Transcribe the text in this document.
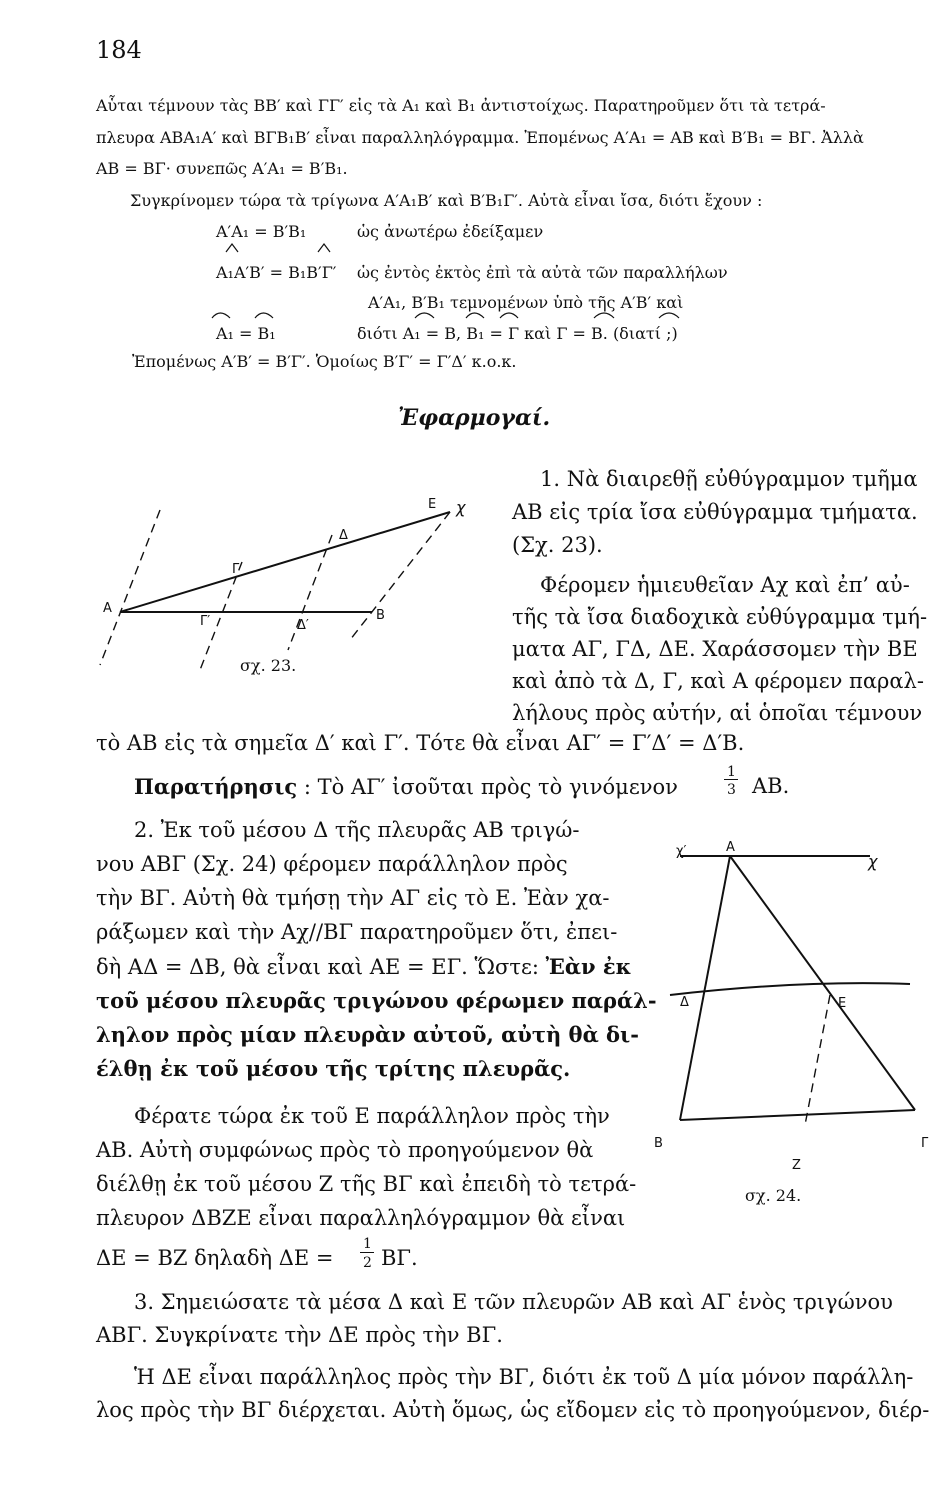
184
Αὗται τέμνουν τὰς ΒΒ′ καὶ ΓΓ′ εἰς τὰ Α₁ καὶ Β₁ ἀντιστοίχως. Παρατηροῦμεν ὅτι τὰ τετρά-
πλευρα ΑΒΑ₁Α′ καὶ ΒΓΒ₁Β′ εἶναι παραλληλόγραμμα. Ἐπομένως Α′Α₁ = ΑΒ καὶ Β′Β₁ = ΒΓ. Ἀλλὰ
ΑΒ = ΒΓ· συνεπῶς Α′Α₁ = Β′Β₁.
Συγκρίνομεν τώρα τὰ τρίγωνα Α′Α₁Β′ καὶ Β′Β₁Γ′. Αὐτὰ εἶναι ἴσα, διότι ἔχουν :
Α′Α₁ = Β′Β₁	ὡς ἀνωτέρω ἐδείξαμεν
Α₁Α′Β′ = Β₁Β′Γ′ ὡς ἐντὸς ἐκτὸς ἐπὶ τὰ αὐτὰ τῶν παραλλήλων
Α′Α₁, Β′Β₁ τεμνομένων ὑπὸ τῆς Α′Β′ καὶ
Α₁ = Β₁	διότι Α₁ = Β, Β₁ = Γ καὶ Γ = Β. (διατί ;)
Ἐπομένως Α′Β′ = Β′Γ′. Ὁμοίως Β′Γ′ = Γ′Δ′ κ.ο.κ.
Ἐφαρμογαί.
1. Νὰ διαιρεθῇ εὐθύγραμμον τμῆμα
ΑΒ εἰς τρία ἴσα εὐθύγραμμα τμήματα.
(Σχ. 23).
Φέρομεν ἡμιευθεῖαν Αχ καὶ ἐπ’ αὐ-
τῆς τὰ ἴσα διαδοχικὰ εὐθύγραμμα τμή-
ματα ΑΓ, ΓΔ, ΔΕ. Χαράσσομεν τὴν ΒΕ
καὶ ἀπὸ τὰ Δ, Γ, καὶ Α φέρομεν παραλ-
λήλους πρὸς αὐτήν, αἱ ὁποῖαι τέμνουν
τὸ ΑΒ εἰς τὰ σημεῖα Δ′ καὶ Γ′. Τότε θὰ εἶναι ΑΓ′ = Γ′Δ′ = Δ′Β.
Α	Β
Γ
Δ
Ε χ
Γ′	Δ′
σχ. 23.
Παρατήρησις : Τὸ ΑΓ′ ἰσοῦται πρὸς τὸ γινόμενον
1
3 ΑΒ.
2. Ἐκ τοῦ μέσου Δ τῆς πλευρᾶς ΑΒ τριγώ-
νου ΑΒΓ (Σχ. 24) φέρομεν παράλληλον πρὸς
τὴν ΒΓ. Αὐτὴ θὰ τμήσῃ τὴν ΑΓ εἰς τὸ Ε. Ἐὰν χα-
ράξωμεν καὶ τὴν Αχ//ΒΓ παρατηροῦμεν ὅτι, ἐπει-
δὴ ΑΔ = ΔΒ, θὰ εἶναι καὶ ΑΕ = ΕΓ. Ὥστε: Ἐὰν ἐκ
τοῦ μέσου πλευρᾶς τριγώνου φέρωμεν παράλ-
ληλον πρὸς μίαν πλευρὰν αὐτοῦ, αὐτὴ θὰ δι-
έλθῃ ἐκ τοῦ μέσου τῆς τρίτης πλευρᾶς.
Φέρατε τώρα ἐκ τοῦ Ε παράλληλον πρὸς τὴν
ΑΒ. Αὐτὴ συμφώνως πρὸς τὸ προηγούμενον θὰ
διέλθῃ ἐκ τοῦ μέσου Ζ τῆς ΒΓ καὶ ἐπειδὴ τὸ τετρά-
πλευρον ΔΒΖΕ εἶναι παραλληλόγραμμον θὰ εἶναι
ΔΕ = ΒΖ δηλαδὴ ΔΕ =
1
2 ΒΓ.
χ′	Α
χ
Δ	Ε
Β	Γ
Ζ
σχ. 24.
3. Σημειώσατε τὰ μέσα Δ καὶ Ε τῶν πλευρῶν ΑΒ καὶ ΑΓ ἑνὸς τριγώνου
ΑΒΓ. Συγκρίνατε τὴν ΔΕ πρὸς τὴν ΒΓ.
Ἡ ΔΕ εἶναι παράλληλος πρὸς τὴν ΒΓ, διότι ἐκ τοῦ Δ μία μόνον παράλλη-
λος πρὸς τὴν ΒΓ διέρχεται. Αὐτὴ ὅμως, ὡς εἴδομεν εἰς τὸ προηγούμενον, διέρ-
